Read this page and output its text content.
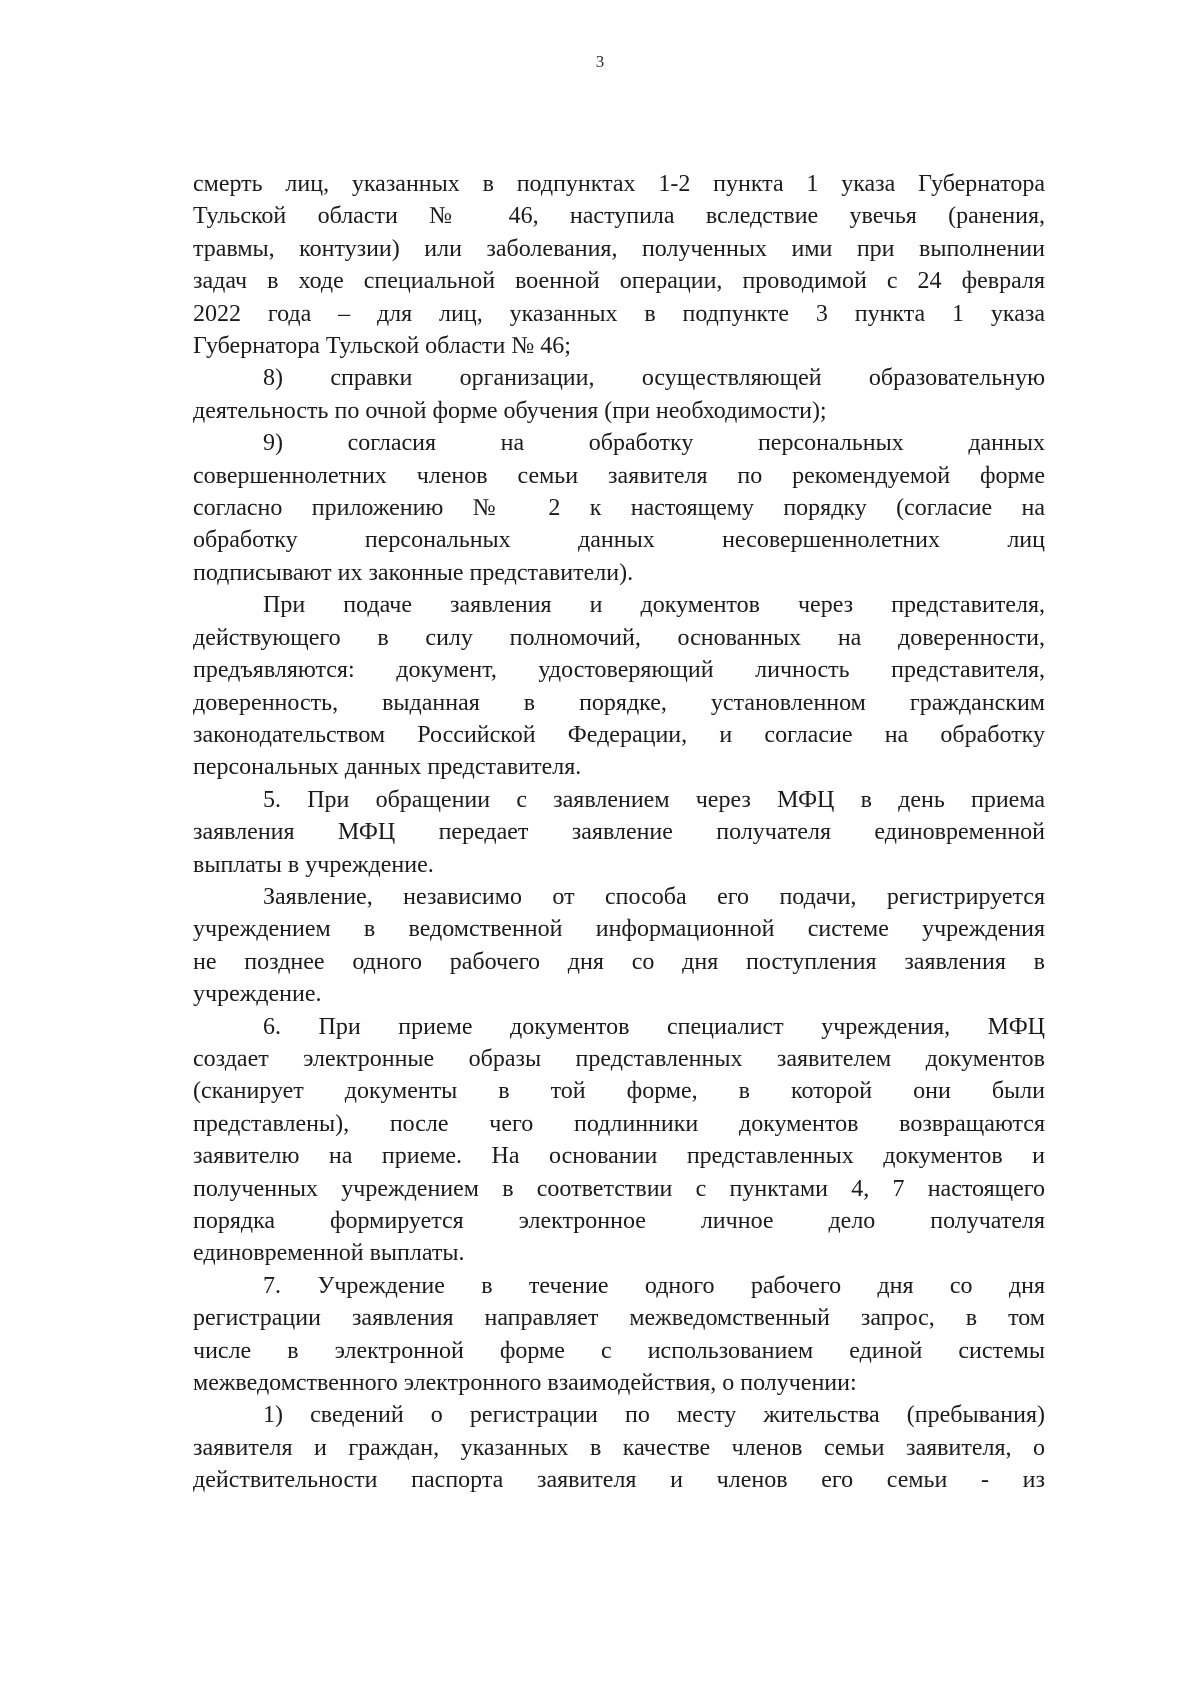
3
смерть лиц, указанных в подпунктах 1-2 пункта 1 указа Губернатора
Тульской области № 46, наступила вследствие увечья (ранения,
травмы, контузии) или заболевания, полученных ими при выполнении
задач в ходе специальной военной операции, проводимой с 24 февраля
2022 года – для лиц, указанных в подпункте 3 пункта 1 указа
Губернатора Тульской области № 46;
8) справки организации, осуществляющей образовательную
деятельность по очной форме обучения (при необходимости);
9) согласия на обработку персональных данных
совершеннолетних членов семьи заявителя по рекомендуемой форме
согласно приложению № 2 к настоящему порядку (согласие на
обработку персональных данных несовершеннолетних лиц
подписывают их законные представители).
При подаче заявления и документов через представителя,
действующего в силу полномочий, основанных на доверенности,
предъявляются: документ, удостоверяющий личность представителя,
доверенность, выданная в порядке, установленном гражданским
законодательством Российской Федерации, и согласие на обработку
персональных данных представителя.
5. При обращении с заявлением через МФЦ в день приема
заявления МФЦ передает заявление получателя единовременной
выплаты в учреждение.
Заявление, независимо от способа его подачи, регистрируется
учреждением в ведомственной информационной системе учреждения
не позднее одного рабочего дня со дня поступления заявления в
учреждение.
6. При приеме документов специалист учреждения, МФЦ
создает электронные образы представленных заявителем документов
(сканирует документы в той форме, в которой они были
представлены), после чего подлинники документов возвращаются
заявителю на приеме. На основании представленных документов и
полученных учреждением в соответствии с пунктами 4, 7 настоящего
порядка формируется электронное личное дело получателя
единовременной выплаты.
7. Учреждение в течение одного рабочего дня со дня
регистрации заявления направляет межведомственный запрос, в том
числе в электронной форме с использованием единой системы
межведомственного электронного взаимодействия, о получении:
1) сведений о регистрации по месту жительства (пребывания)
заявителя и граждан, указанных в качестве членов семьи заявителя, о
действительности паспорта заявителя и членов его семьи - из
